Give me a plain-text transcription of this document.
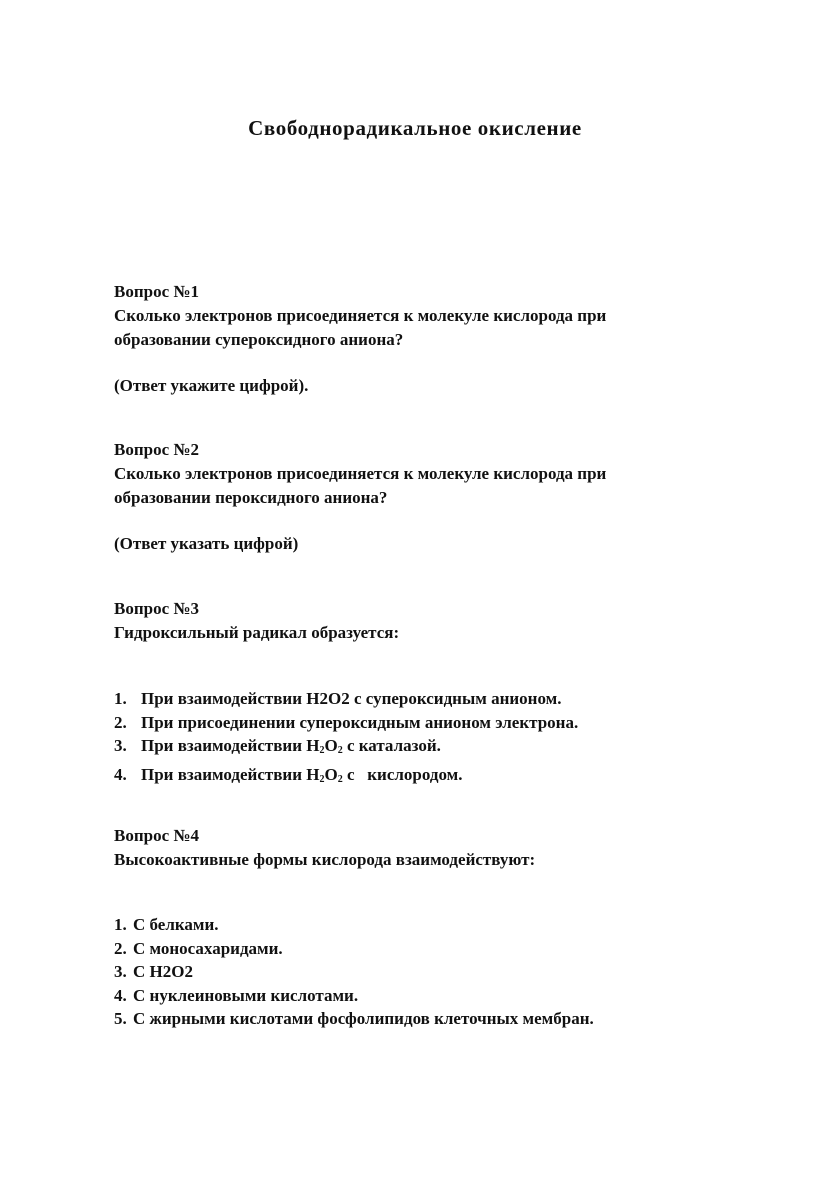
Свободнорадикальное окисление

Вопрос №1

Сколько электронов присоединяется к молекуле кислорода при

образовании супероксидного аниона?

(Ответ укажите цифрой).

Вопрос №2

Сколько электронов присоединяется к молекуле кислорода при

образовании пероксидного аниона?

(Ответ указать цифрой)

Вопрос №3

Гидроксильный радикал образуется:

1. При взаимодействии H2O2 с супероксидным анионом.
2. При присоединении супероксидным анионом электрона.
3. При взаимодействии $H_2O_2$ с каталазой.
4. При взаимодействии $H_2O_2$ с   кислородом.

Вопрос №4

Высокоактивные формы кислорода взаимодействуют:

1. С белками.
2. С моносахаридами.
3. С H2O2
4. С нуклеиновыми кислотами.
5. С жирными кислотами фосфолипидов клеточных мембран.
